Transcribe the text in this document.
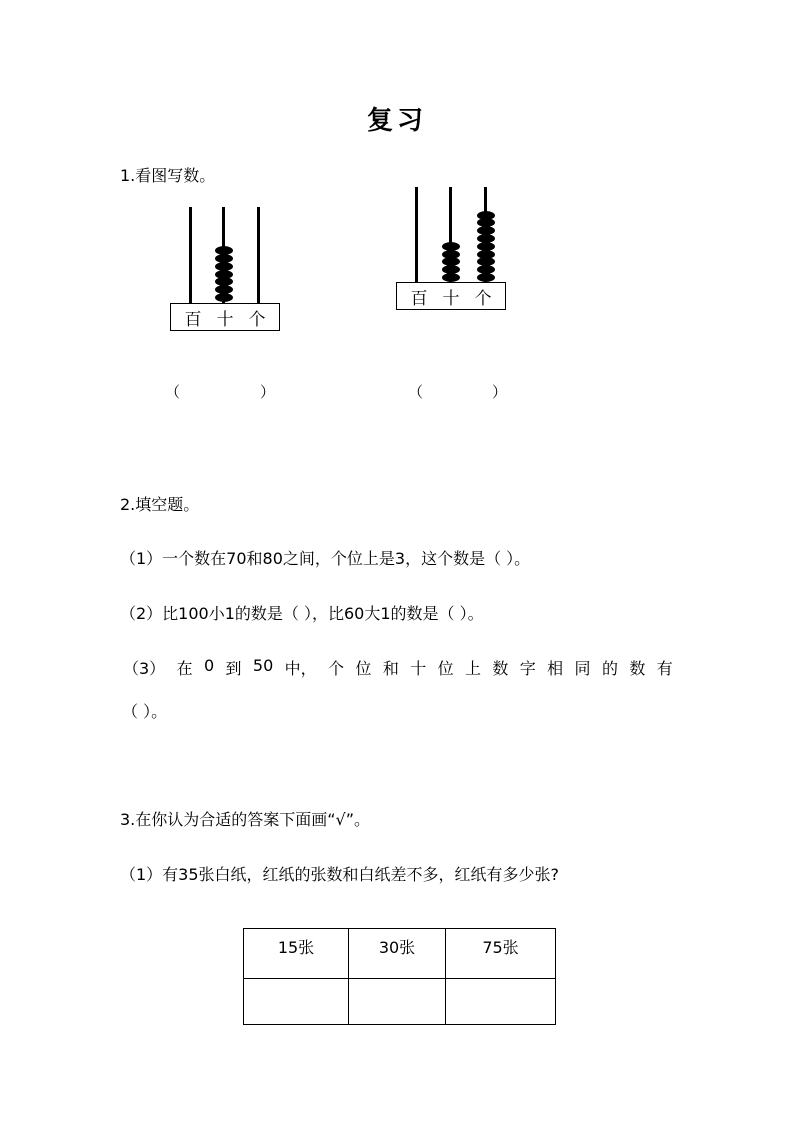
复习
1.看图写数。
百 十 个
百 十 个
（	）	（	）
2.填空题。
（1）一个数在70和80之间，个位上是3，这个数是（ ）。
（2）比100小1的数是（ ），比60大1的数是（ ）。
（3） 在 0 到 50 中， 个 位 和 十 位 上 数 字 相 同 的 数 有
（ ）。
3.在你认为合适的答案下面画“√”。
（1）有35张白纸，红纸的张数和白纸差不多，红纸有多少张?
15张	30张	75张
